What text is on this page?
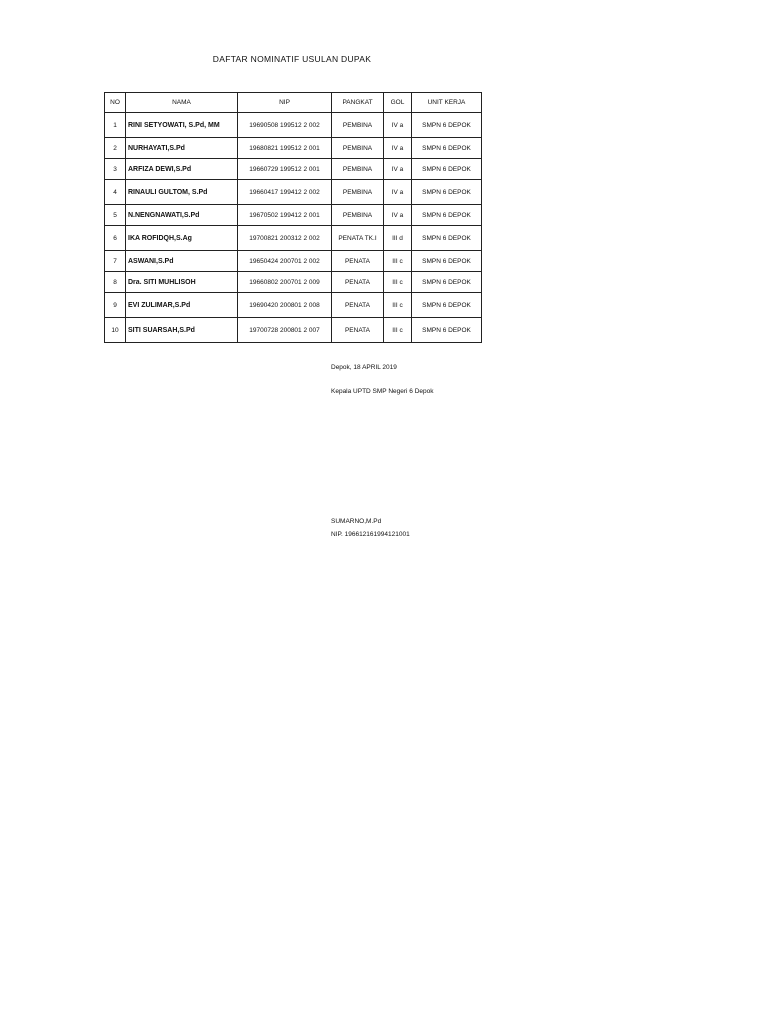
DAFTAR NOMINATIF USULAN DUPAK
NO	NAMA	NIP	PANGKAT	GOL	UNIT KERJA
1	RINI SETYOWATI, S.Pd, MM	19690508 199512 2 002	PEMBINA	IV a	SMPN 6 DEPOK
2	NURHAYATI,S.Pd	19680821 199512 2 001	PEMBINA	IV a	SMPN 6 DEPOK
3	ARFIZA DEWI,S.Pd	19660729 199512 2 001	PEMBINA	IV a	SMPN 6 DEPOK
4	RINAULI GULTOM, S.Pd	19660417 199412 2 002	PEMBINA	IV a	SMPN 6 DEPOK
5	N.NENGNAWATI,S.Pd	19670502 199412 2 001	PEMBINA	IV a	SMPN 6 DEPOK
6	IKA ROFIDQH,S.Ag	19700821 200312 2 002	PENATA TK.I	III d	SMPN 6 DEPOK
7	ASWANI,S.Pd	19650424 200701 2 002	PENATA	III c	SMPN 6 DEPOK
8	Dra. SITI MUHLISOH	19660802 200701 2 009	PENATA	III c	SMPN 6 DEPOK
9	EVI ZULIMAR,S.Pd	19690420 200801 2 008	PENATA	III c	SMPN 6 DEPOK
10	SITI SUARSAH,S.Pd	19700728 200801 2 007	PENATA	III c	SMPN 6 DEPOK
Depok, 18 APRIL 2019
Kepala UPTD SMP Negeri 6 Depok
SUMARNO,M.Pd
NIP. 196612161994121001
